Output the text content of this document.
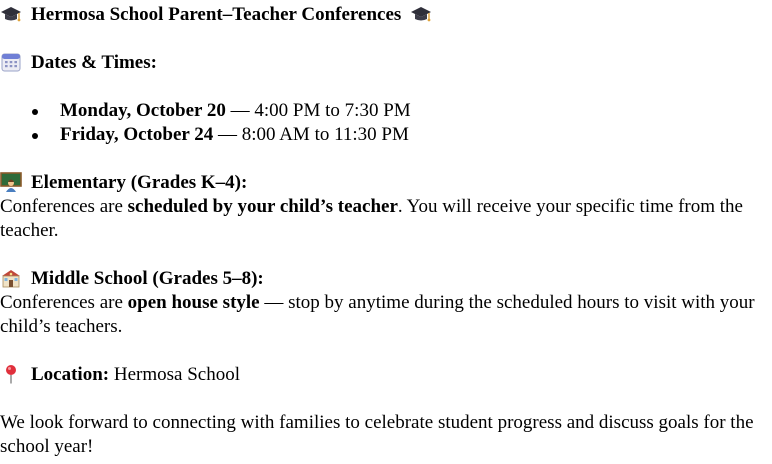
Hermosa School Parent–Teacher Conferences
Dates & Times:
Monday, October 20 — 4:00 PM to 7:30 PM
Friday, October 24 — 8:00 AM to 11:30 PM
Elementary (Grades K–4):
Conferences are scheduled by your child’s teacher. You will receive your specific time from the teacher.
Middle School (Grades 5–8):
Conferences are open house style — stop by anytime during the scheduled hours to visit with your child’s teachers.
Location: Hermosa School
We look forward to connecting with families to celebrate student progress and discuss goals for the school year!
